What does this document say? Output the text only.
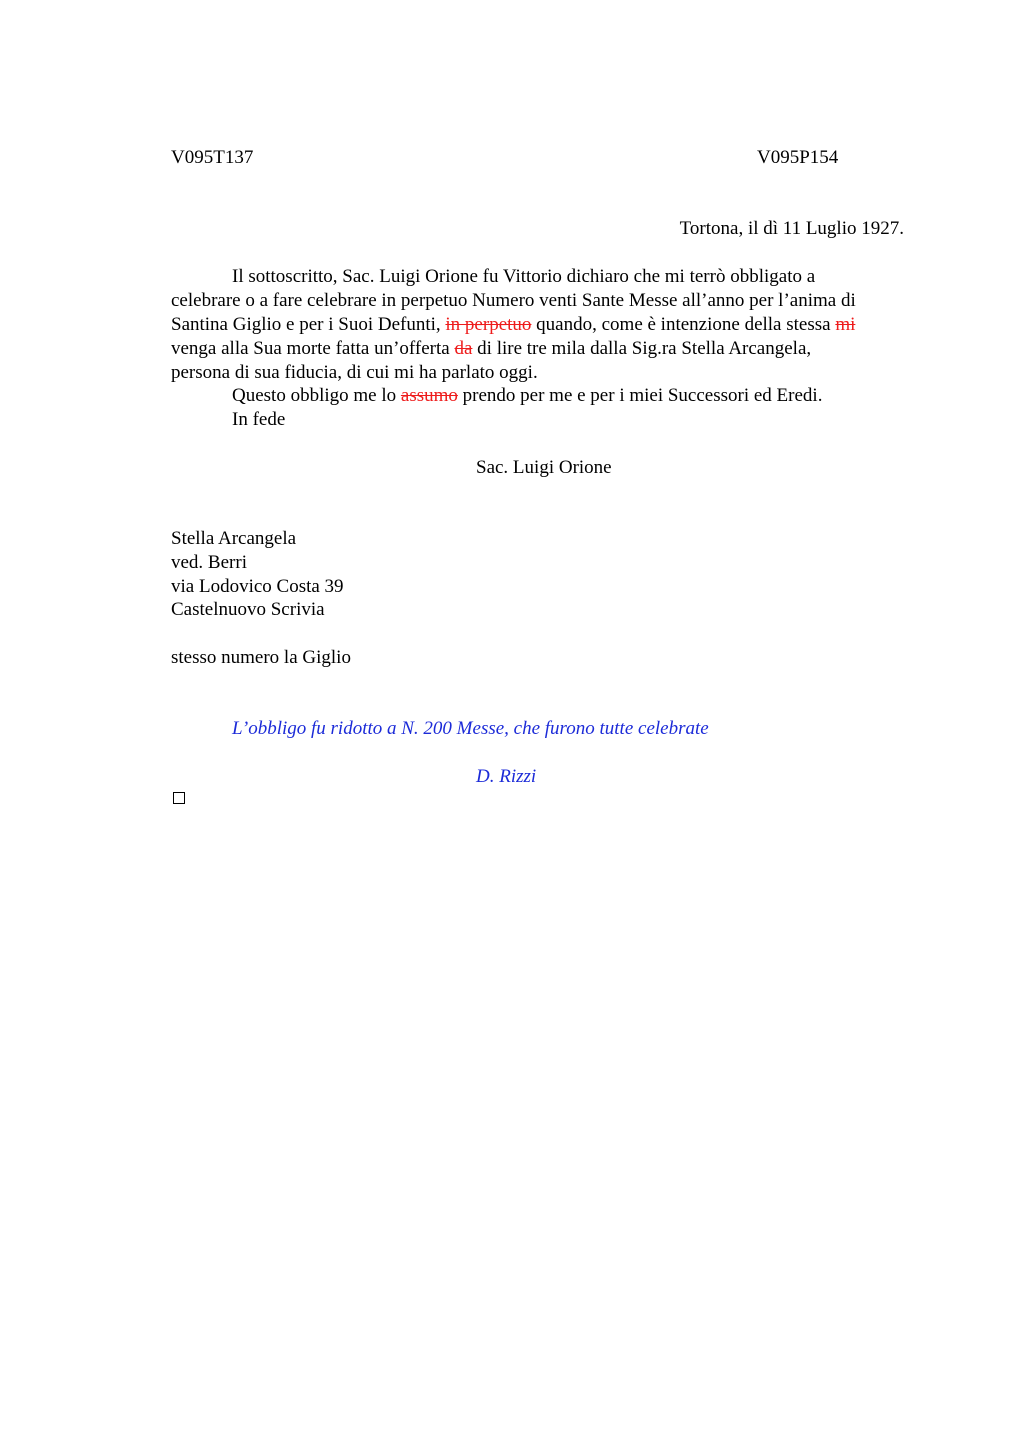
V095T137	V095P154
Tortona, il dì 11 Luglio 1927.
Il sottoscritto, Sac. Luigi Orione fu Vittorio dichiaro che mi terrò obbligato a
celebrare o a fare celebrare in perpetuo Numero venti Sante Messe all’anno per l’anima di
Santina Giglio e per i Suoi Defunti, in perpetuo quando, come è intenzione della stessa mi
venga alla Sua morte fatta un’offerta da di lire tre mila dalla Sig.ra Stella Arcangela,
persona di sua fiducia, di cui mi ha parlato oggi.
Questo obbligo me lo assumo prendo per me e per i miei Successori ed Eredi.
In fede
Sac. Luigi Orione
Stella Arcangela
ved. Berri
via Lodovico Costa 39
Castelnuovo Scrivia
stesso numero la Giglio
L’obbligo fu ridotto a N. 200 Messe, che furono tutte celebrate
D. Rizzi
